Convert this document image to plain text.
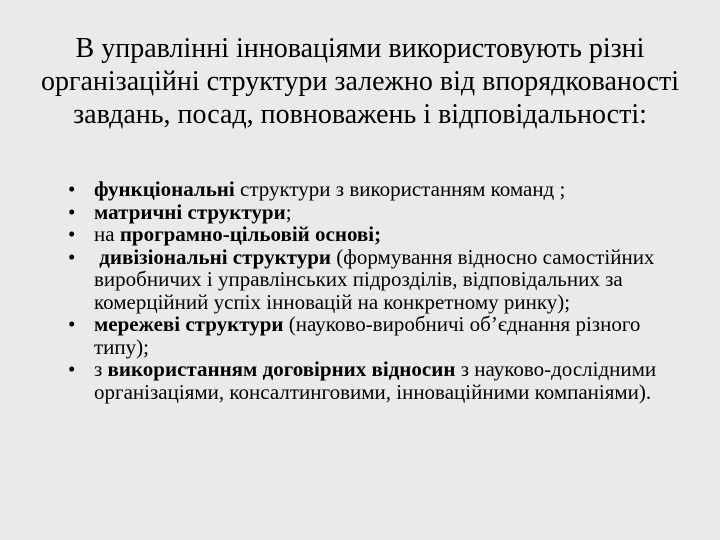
В управлінні інноваціями використовують різні організаційні структури залежно від впорядкованості завдань, посад, повноважень і відповідальності:
• функціональні структури з використанням команд ;
• матричні структури;
• на програмно-цільовій основі;
• дивізіональні структури (формування відносно самостійних виробничих і управлінських підрозділів, відповідальних за комерційний успіх інновацій на конкретному ринку);
• мережеві структури (науково-виробничі об’єднання різного типу);
• з використанням договірних відносин з науково-дослідними організаціями, консалтинговими, інноваційними компаніями).
